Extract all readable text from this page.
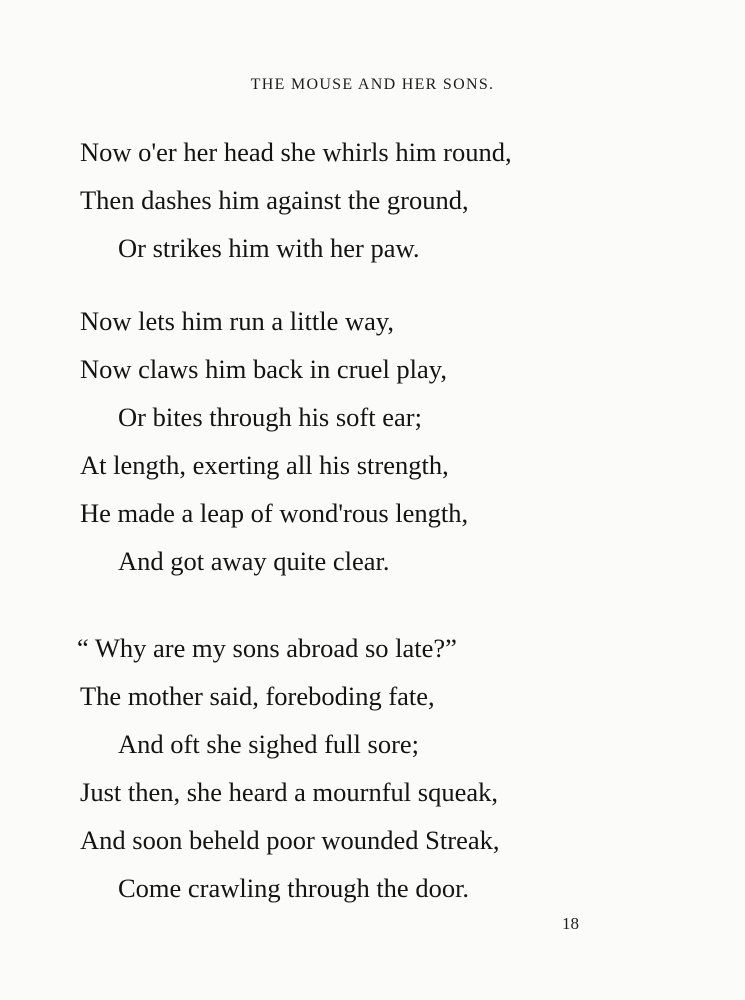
THE MOUSE AND HER SONS.
Now o'er her head she whirls him round,
Then dashes him against the ground,
Or strikes him with her paw.
Now lets him run a little way,
Now claws him back in cruel play,
Or bites through his soft ear;
At length, exerting all his strength,
He made a leap of wond'rous length,
And got away quite clear.
“ Why are my sons abroad so late?”
The mother said, foreboding fate,
And oft she sighed full sore;
Just then, she heard a mournful squeak,
And soon beheld poor wounded Streak,
Come crawling through the door.
18
